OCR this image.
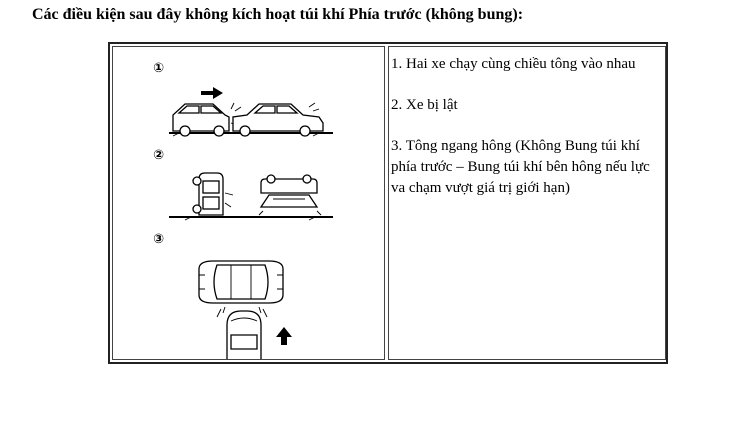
Các điều kiện sau đây không kích hoạt túi khí Phía trước (không bung):
①
②
③

1. Hai xe chạy cùng chiều tông vào nhau

2. Xe bị lật

3. Tông ngang hông (Không Bung túi khí phía trước – Bung túi khí bên hông nếu lực va chạm vượt giá trị giới hạn)
